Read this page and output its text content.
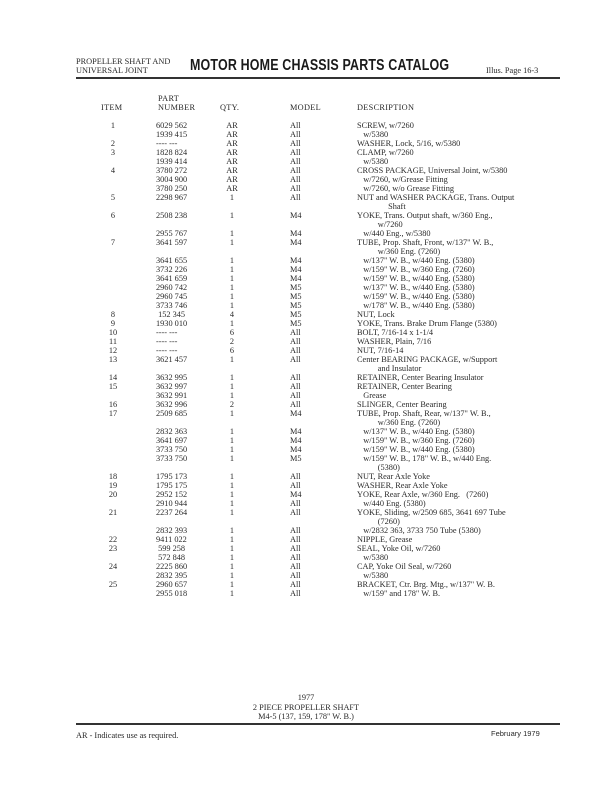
PROPELLER SHAFT AND
UNIVERSAL JOINT	MOTOR HOME CHASSIS PARTS CATALOG	Illus. Page 16-3
ITEM
PART
NUMBER	QTY.	MODEL	DESCRIPTION
1	6029 562	AR	All	SCREW, w/7260
1939 415	AR	All	w/5380
2	---- ---	AR	All	WASHER, Lock, 5/16, w/5380
3	1828 824	AR	All	CLAMP, w/7260
1939 414	AR	All	w/5380
4	3780 272	AR	All	CROSS PACKAGE, Universal Joint, w/5380
3004 900	AR	All	w/7260, w/Grease Fitting
3780 250	AR	All	w/7260, w/o Grease Fitting
5	2298 967	1	All	NUT and WASHER PACKAGE, Trans. Output
Shaft
6	2508 238	1	M4	YOKE, Trans. Output shaft, w/360 Eng.,
w/7260
2955 767	1	M4	w/440 Eng., w/5380
7	3641 597	1	M4	TUBE, Prop. Shaft, Front, w/137" W. B.,
w/360 Eng. (7260)
3641 655	1	M4	w/137" W. B., w/440 Eng. (5380)
3732 226	1	M4	w/159" W. B., w/360 Eng. (7260)
3641 659	1	M4	w/159" W. B., w/440 Eng. (5380)
2960 742	1	M5	w/137" W. B., w/440 Eng. (5380)
2960 745	1	M5	w/159" W. B., w/440 Eng. (5380)
3733 746	1	M5	w/178" W. B., w/440 Eng. (5380)
8	152 345	4	M5	NUT, Lock
9	1930 010	1	M5	YOKE, Trans. Brake Drum Flange (5380)
10	---- ---	6	All	BOLT, 7/16-14 x 1-1/4
11	---- ---	2	All	WASHER, Plain, 7/16
12	---- ---	6	All	NUT, 7/16-14
13	3621 457	1	All	Center BEARING PACKAGE, w/Support
and Insulator
14	3632 995	1	All	RETAINER, Center Bearing Insulator
15	3632 997	1	All	RETAINER, Center Bearing
3632 991	1	All	Grease
16	3632 996	2	All	SLINGER, Center Bearing
17	2509 685	1	M4	TUBE, Prop. Shaft, Rear, w/137" W. B.,
w/360 Eng. (7260)
2832 363	1	M4	w/137" W. B., w/440 Eng. (5380)
3641 697	1	M4	w/159" W. B., w/360 Eng. (7260)
3733 750	1	M4	w/159" W. B., w/440 Eng. (5380)
3733 750	1	M5	w/159" W. B., 178" W. B., w/440 Eng.
(5380)
18	1795 173	1	All	NUT, Rear Axle Yoke
19	1795 175	1	All	WASHER, Rear Axle Yoke
20	2952 152	1	M4	YOKE, Rear Axle, w/360 Eng.   (7260)
2910 944	1	All	w/440 Eng. (5380)
21	2237 264	1	All	YOKE, Sliding, w/2509 685, 3641 697 Tube
(7260)
2832 393	1	All	w/2832 363, 3733 750 Tube (5380)
22	9411 022	1	All	NIPPLE, Grease
23	599 258	1	All	SEAL, Yoke Oil, w/7260
572 848	1	All	w/5380
24	2225 860	1	All	CAP, Yoke Oil Seal, w/7260
2832 395	1	All	w/5380
25	2960 657	1	All	BRACKET, Ctr. Brg. Mtg., w/137" W. B.
2955 018	1	All	w/159" and 178" W. B.
1977
2 PIECE PROPELLER SHAFT
M4-5 (137, 159, 178" W. B.)
AR - Indicates use as required.	February 1979
